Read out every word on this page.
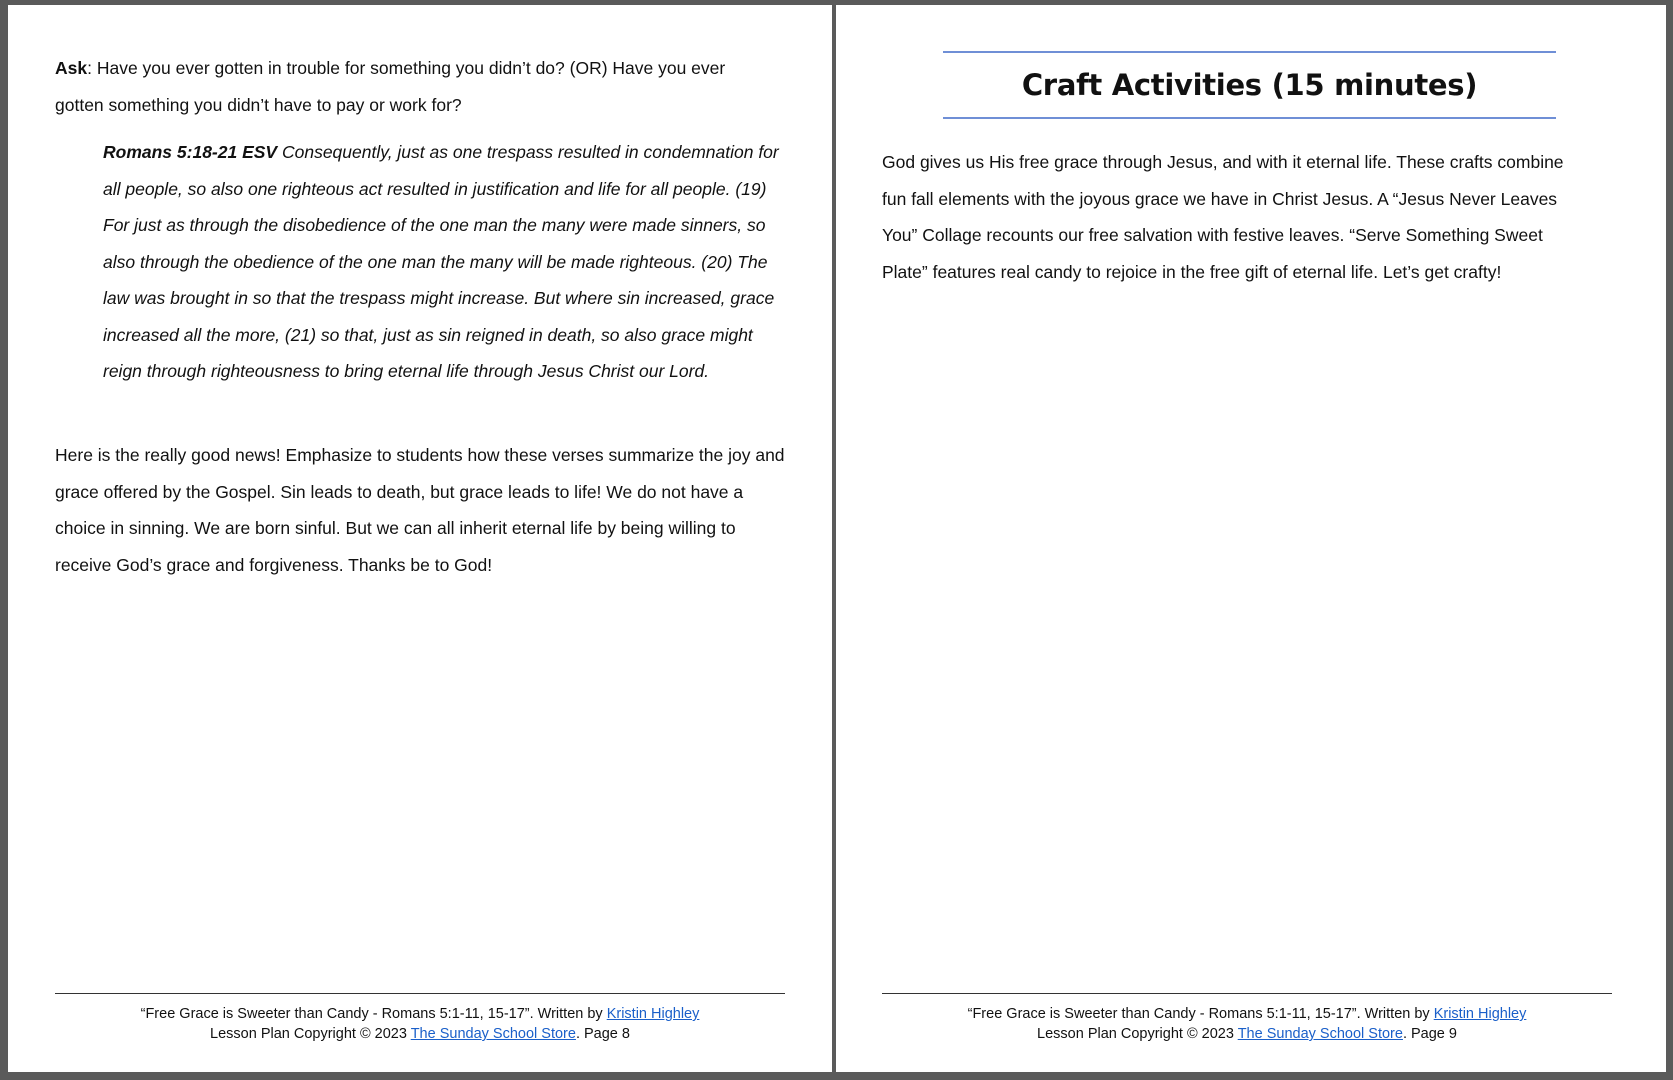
Ask: Have you ever gotten in trouble for something you didn’t do? (OR) Have you ever gotten something you didn’t have to pay or work for?

Romans 5:18-21 ESV Consequently, just as one trespass resulted in condemnation for all people, so also one righteous act resulted in justification and life for all people. (19) For just as through the disobedience of the one man the many were made sinners, so also through the obedience of the one man the many will be made righteous. (20) The law was brought in so that the trespass might increase. But where sin increased, grace increased all the more, (21) so that, just as sin reigned in death, so also grace might reign through righteousness to bring eternal life through Jesus Christ our Lord.

Here is the really good news! Emphasize to students how these verses summarize the joy and grace offered by the Gospel. Sin leads to death, but grace leads to life! We do not have a choice in sinning. We are born sinful. But we can all inherit eternal life by being willing to receive God’s grace and forgiveness. Thanks be to God!

“Free Grace is Sweeter than Candy - Romans 5:1-11, 15-17”. Written by Kristin Highley
Lesson Plan Copyright © 2023 The Sunday School Store. Page 8
Craft Activities (15 minutes)

God gives us His free grace through Jesus, and with it eternal life. These crafts combine fun fall elements with the joyous grace we have in Christ Jesus. A “Jesus Never Leaves You” Collage recounts our free salvation with festive leaves. “Serve Something Sweet Plate” features real candy to rejoice in the free gift of eternal life. Let’s get crafty!

“Free Grace is Sweeter than Candy - Romans 5:1-11, 15-17”. Written by Kristin Highley
Lesson Plan Copyright © 2023 The Sunday School Store. Page 9
